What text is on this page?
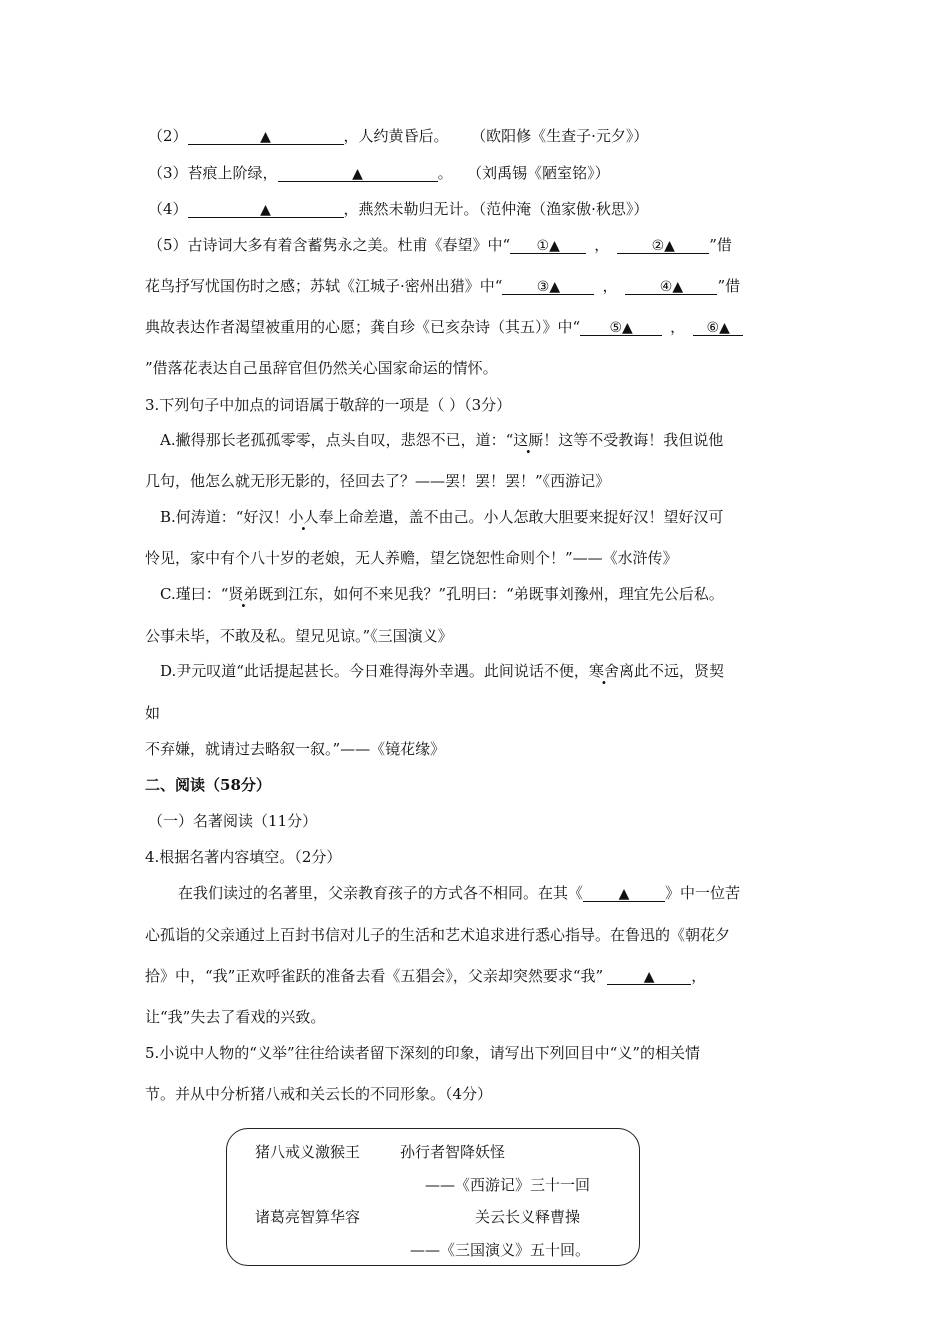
（2）	▲	，人约黄昏后。 （欧阳修《生查子·元夕》）
（3）苔痕上阶绿，	▲	。 （刘禹锡《陋室铭》）
（4）	▲	，燕然未勒归无计。（范仲淹（渔家傲·秋思》）
（5）古诗词大多有着含蓄隽永之美。杜甫《春望》中“ ①▲ ，	②▲ ”借
花鸟抒写忧国伤时之感；苏轼《江城子·密州出猎》中“ ③▲	，	④▲ ”借
典故表达作者渴望被重用的心愿；龚自珍《已亥杂诗（其五）》中“ ⑤▲ ， ⑥▲
”借落花表达自己虽辞官但仍然关心国家命运的情怀。
3.下列句子中加点的词语属于敬辞的一项是（ ）（3分）
A.撇得那长老孤孤零零，点头自叹，悲怨不已，道：“这厮！这等不受教诲！我但说他
几句，他怎么就无形无影的，径回去了？——罢！罢！罢！”《西游记》
B.何涛道：“好汉！小人奉上命差遣，盖不由己。小人怎敢大胆要来捉好汉！望好汉可
怜见，家中有个八十岁的老娘，无人养赡，望乞饶恕性命则个！”——《水浒传》
C.瑾曰：“贤弟既到江东，如何不来见我？”孔明曰：“弟既事刘豫州，理宜先公后私。
公事未毕，不敢及私。望兄见谅。”《三国演义》
D.尹元叹道“此话提起甚长。今日难得海外幸遇。此间说话不便，寒舍离此不远，贤契
如
不弃嫌，就请过去略叙一叙。”——《镜花缘》
二、阅读（58分）
（一）名著阅读（11分）
4.根据名著内容填空。（2分）
在我们读过的名著里，父亲教育孩子的方式各不相同。在其《	▲ 》中一位苦
心孤诣的父亲通过上百封书信对儿子的生活和艺术追求进行悉心指导。在鲁迅的《朝花夕
拾》中，“我”正欢呼雀跃的准备去看《五猖会》，父亲却突然要求“我”	▲ ，
让“我”失去了看戏的兴致。
5.小说中人物的“义举”往往给读者留下深刻的印象，请写出下列回目中“义”的相关情
节。并从中分析猪八戒和关云长的不同形象。（4分）
猪八戒义激猴王	孙行者智降妖怪
——《西游记》三十一回
诸葛亮智算华容	关云长义释曹操
——《三国演义》五十回。
